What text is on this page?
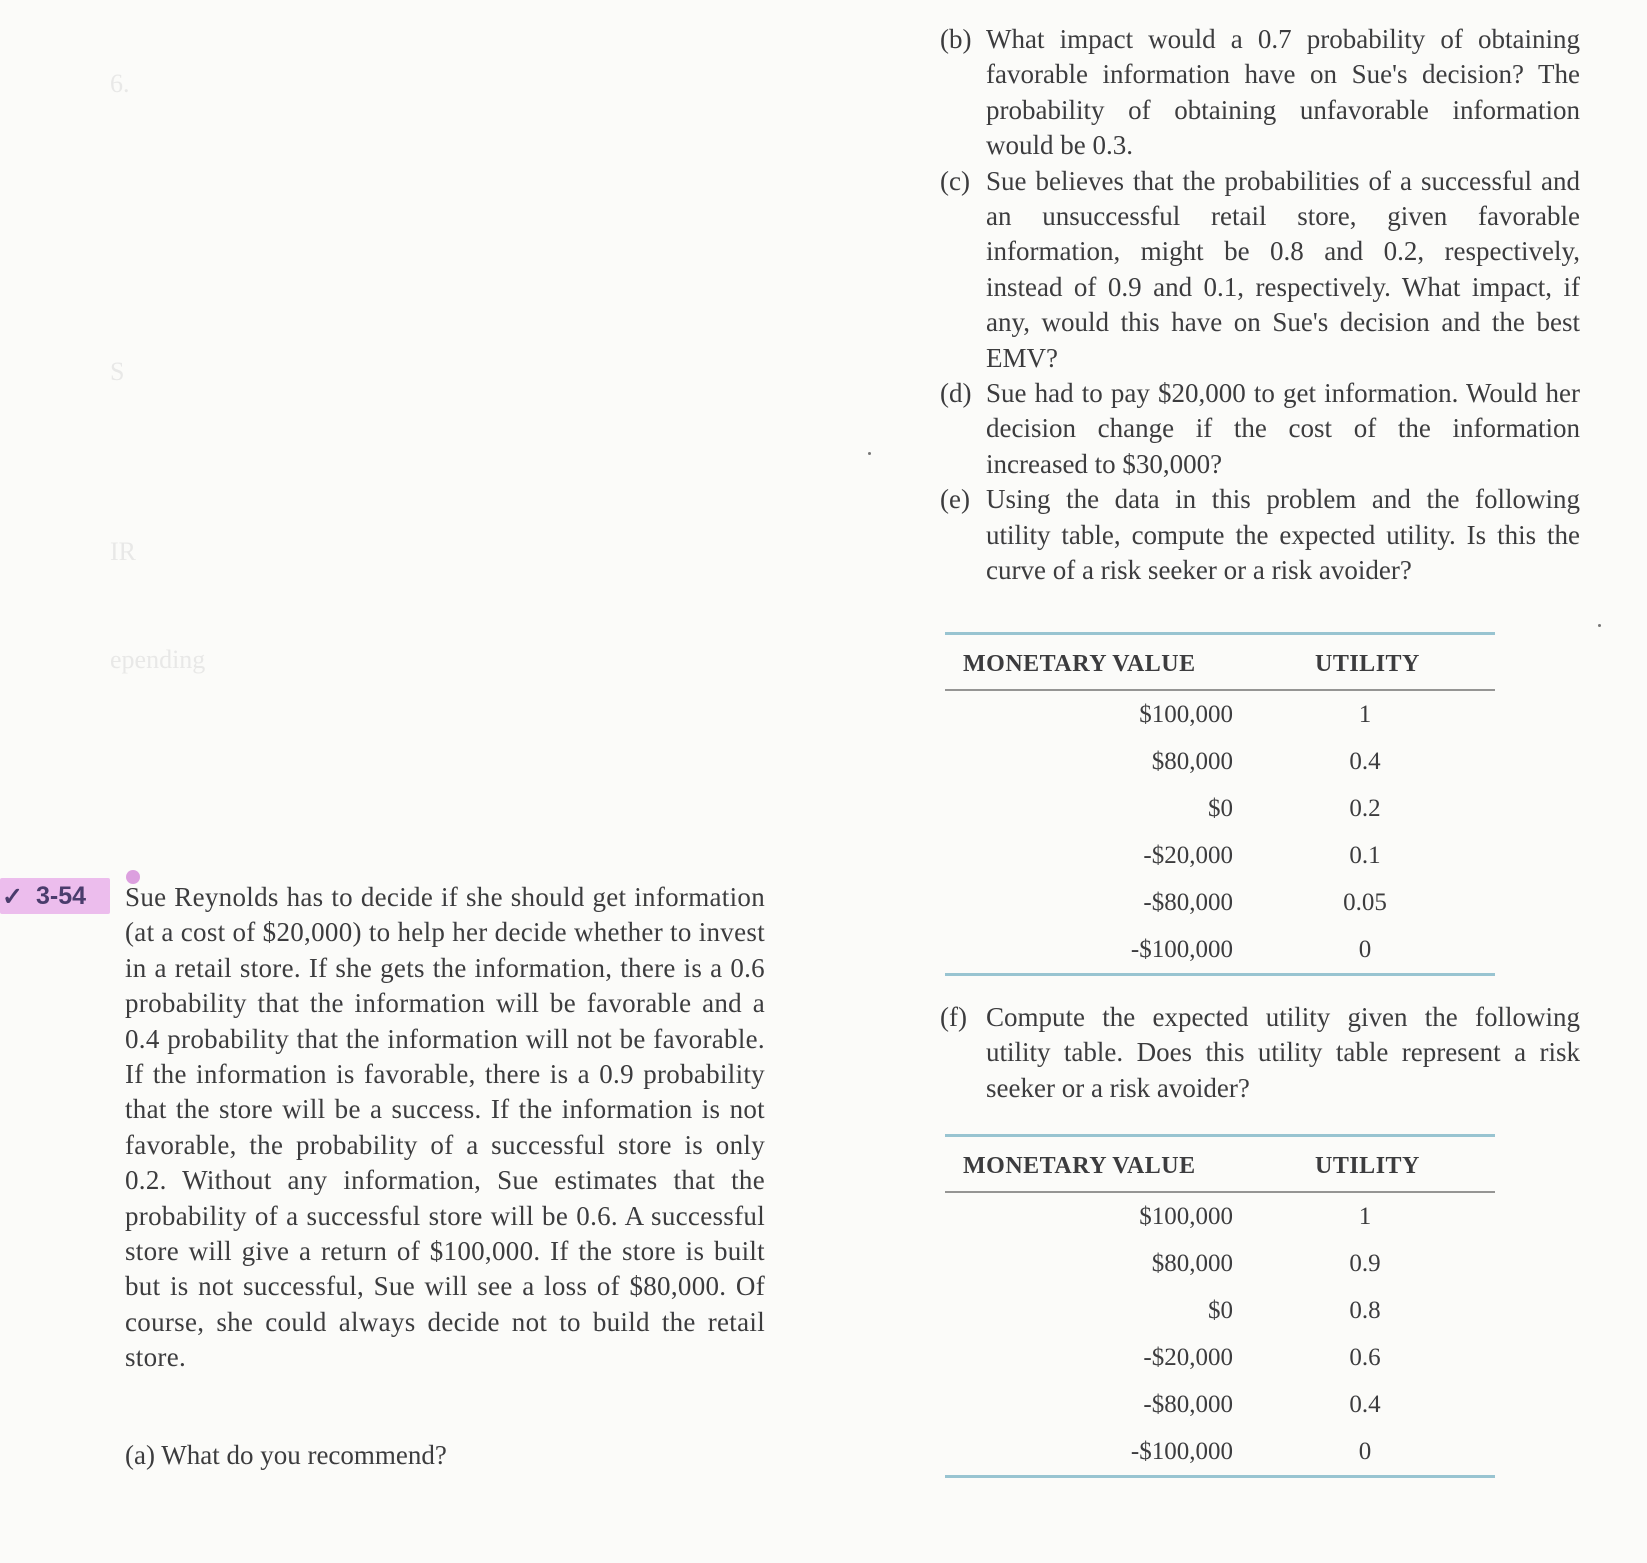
6.

S

IR

epending
(b) What impact would a 0.7 probability of obtaining favorable information have on Sue's decision? The probability of obtaining unfavorable information would be 0.3.
(c) Sue believes that the probabilities of a successful and an unsuccessful retail store, given favorable information, might be 0.8 and 0.2, respectively, instead of 0.9 and 0.1, respectively. What impact, if any, would this have on Sue's decision and the best EMV?
(d) Sue had to pay $20,000 to get information. Would her decision change if the cost of the information increased to $30,000?
(e) Using the data in this problem and the following utility table, compute the expected utility. Is this the curve of a risk seeker or a risk avoider?
MONETARY VALUE	UTILITY
$100,000	1
$80,000	0.4
$0	0.2
-$20,000	0.1
-$80,000	0.05
-$100,000	0
(f) Compute the expected utility given the following utility table. Does this utility table represent a risk seeker or a risk avoider?
MONETARY VALUE	UTILITY
$100,000	1
$80,000	0.9
$0	0.8
-$20,000	0.6
-$80,000	0.4
-$100,000	0
✓ 3-54 Sue Reynolds has to decide if she should get information (at a cost of $20,000) to help her decide whether to invest in a retail store. If she gets the information, there is a 0.6 probability that the information will be favorable and a 0.4 probability that the information will not be favorable. If the information is favorable, there is a 0.9 probability that the store will be a success. If the information is not favorable, the probability of a successful store is only 0.2. Without any information, Sue estimates that the probability of a successful store will be 0.6. A successful store will give a return of $100,000. If the store is built but is not successful, Sue will see a loss of $80,000. Of course, she could always decide not to build the retail store.
(a) What do you recommend?
